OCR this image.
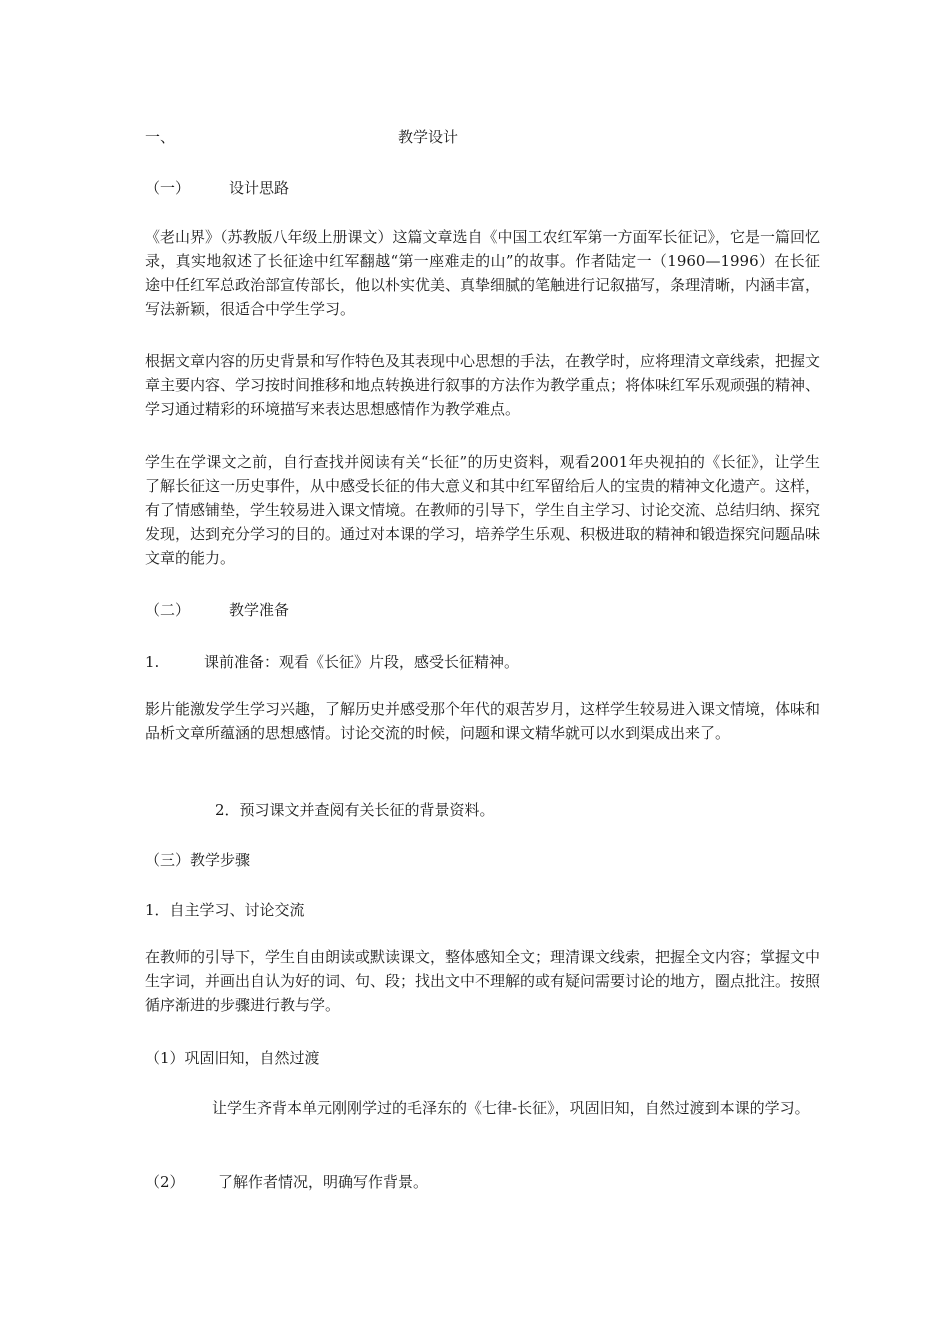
一、	教学设计
（一）	设计思路
《老山界》（苏教版八年级上册课文）这篇文章选自《中国工农红军第一方面军长征记》，它是一篇回忆录，真实地叙述了长征途中红军翻越“第一座难走的山”的故事。作者陆定一（1960—1996）在长征途中任红军总政治部宣传部长，他以朴实优美、真挚细腻的笔触进行记叙描写，条理清晰，内涵丰富，写法新颖，很适合中学生学习。
根据文章内容的历史背景和写作特色及其表现中心思想的手法，在教学时，应将理清文章线索，把握文章主要内容、学习按时间推移和地点转换进行叙事的方法作为教学重点；将体味红军乐观顽强的精神、学习通过精彩的环境描写来表达思想感情作为教学难点。
学生在学课文之前，自行查找并阅读有关“长征”的历史资料，观看2001年央视拍的《长征》，让学生了解长征这一历史事件，从中感受长征的伟大意义和其中红军留给后人的宝贵的精神文化遗产。这样，有了情感铺垫，学生较易进入课文情境。在教师的引导下，学生自主学习、讨论交流、总结归纳、探究发现，达到充分学习的目的。通过对本课的学习，培养学生乐观、积极进取的精神和锻造探究问题品味文章的能力。
（二）	教学准备
1.	课前准备：观看《长征》片段，感受长征精神。
影片能激发学生学习兴趣，了解历史并感受那个年代的艰苦岁月，这样学生较易进入课文情境，体味和品析文章所蕴涵的思想感情。讨论交流的时候，问题和课文精华就可以水到渠成出来了。
2．预习课文并查阅有关长征的背景资料。
（三）教学步骤
1．自主学习、讨论交流
在教师的引导下，学生自由朗读或默读课文，整体感知全文；理清课文线索，把握全文内容；掌握文中生字词，并画出自认为好的词、句、段；找出文中不理解的或有疑问需要讨论的地方，圈点批注。按照循序渐进的步骤进行教与学。
（1）巩固旧知，自然过渡
让学生齐背本单元刚刚学过的毛泽东的《七律-长征》，巩固旧知，自然过渡到本课的学习。
（2） 了解作者情况，明确写作背景。
